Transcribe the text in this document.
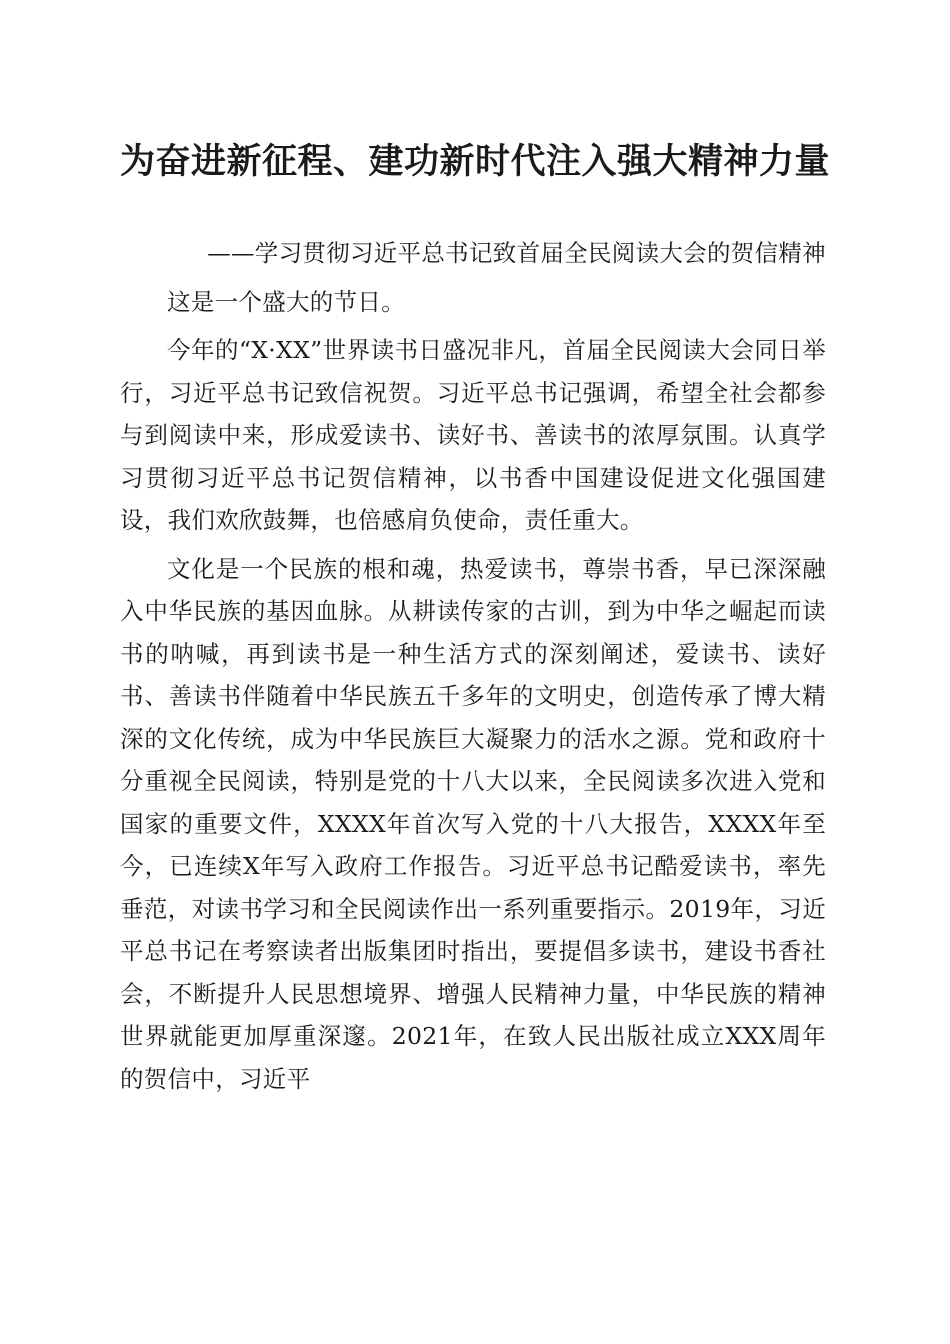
为奋进新征程、建功新时代注入强大精神力量

——学习贯彻习近平总书记致首届全民阅读大会的贺信精神

这是一个盛大的节日。

今年的“X·XX”世界读书日盛况非凡，首届全民阅读大会同日举行，习近平总书记致信祝贺。习近平总书记强调，希望全社会都参与到阅读中来，形成爱读书、读好书、善读书的浓厚氛围。认真学习贯彻习近平总书记贺信精神，以书香中国建设促进文化强国建设，我们欢欣鼓舞，也倍感肩负使命，责任重大。

文化是一个民族的根和魂，热爱读书，尊崇书香，早已深深融入中华民族的基因血脉。从耕读传家的古训，到为中华之崛起而读书的呐喊，再到读书是一种生活方式的深刻阐述，爱读书、读好书、善读书伴随着中华民族五千多年的文明史，创造传承了博大精深的文化传统，成为中华民族巨大凝聚力的活水之源。党和政府十分重视全民阅读，特别是党的十八大以来，全民阅读多次进入党和国家的重要文件，XXXX年首次写入党的十八大报告，XXXX年至今，已连续X年写入政府工作报告。习近平总书记酷爱读书，率先垂范，对读书学习和全民阅读作出一系列重要指示。2019年，习近平总书记在考察读者出版集团时指出，要提倡多读书，建设书香社会，不断提升人民思想境界、增强人民精神力量，中华民族的精神世界就能更加厚重深邃。2021年，在致人民出版社成立XXX周年的贺信中，习近平
